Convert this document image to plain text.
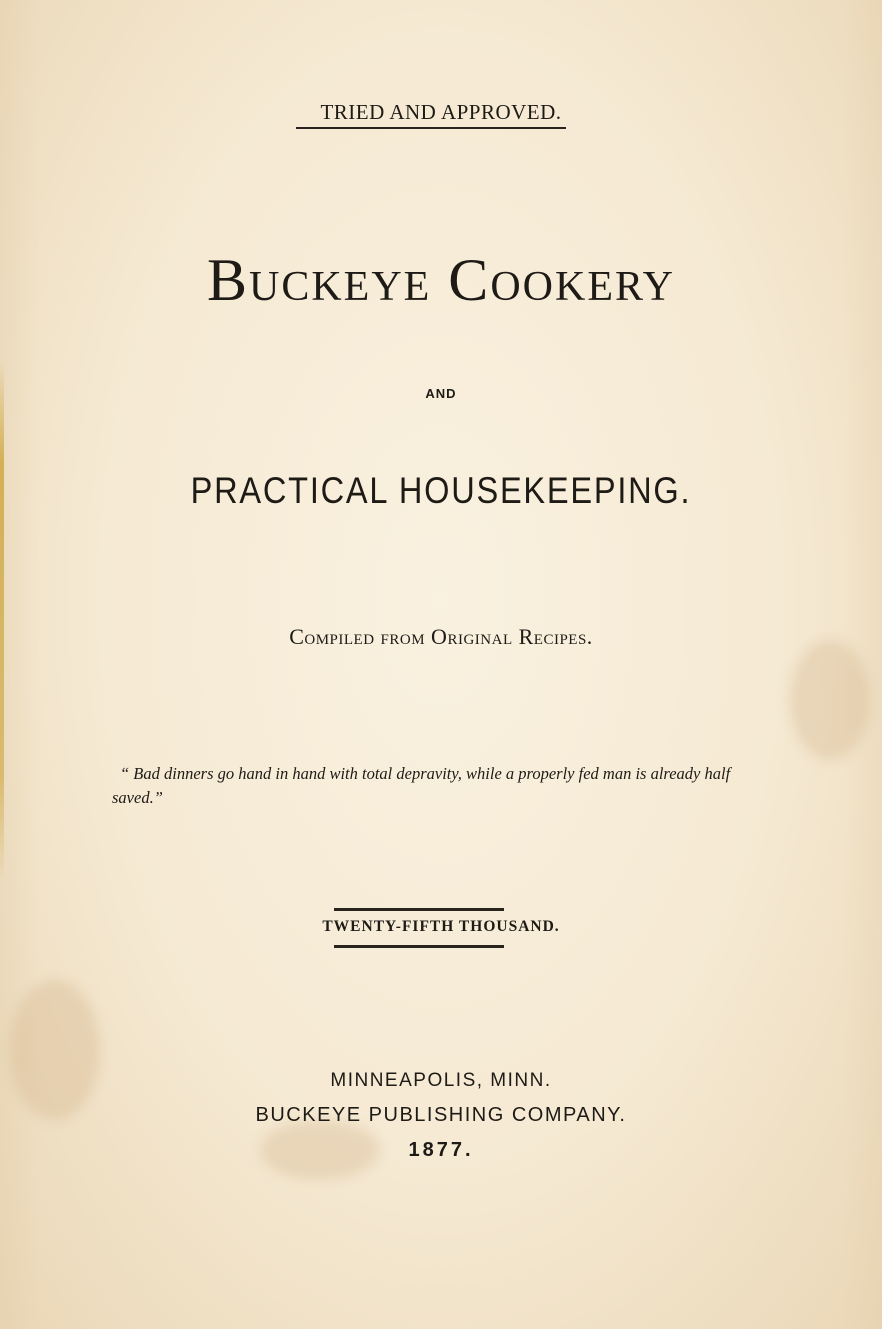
TRIED AND APPROVED.
Buckeye Cookery
AND
PRACTICAL HOUSEKEEPING.
Compiled from Original Recipes.
“ Bad dinners go hand in hand with total depravity, while a properly fed man is already half saved.”
TWENTY-FIFTH THOUSAND.
MINNEAPOLIS, MINN.
BUCKEYE PUBLISHING COMPANY.
1877.
